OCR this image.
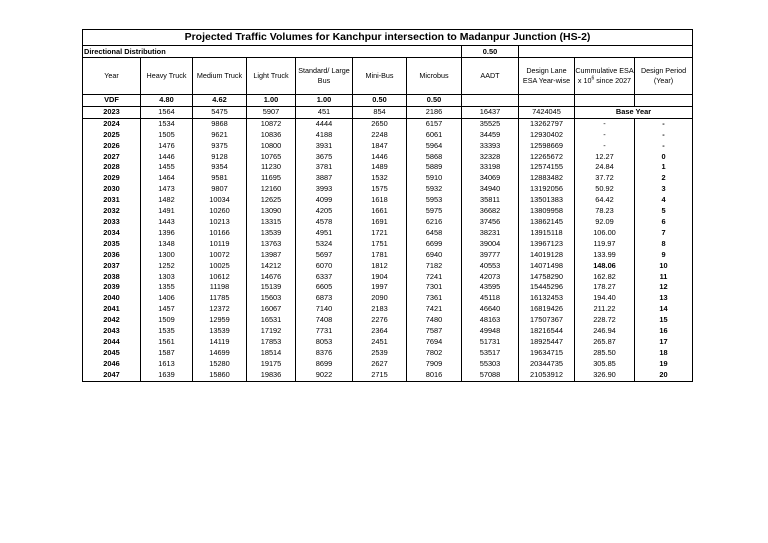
Projected Traffic Volumes for Kanchpur intersection to Madanpur Junction (HS-2)										
Directional Distribution							0.50			
Year	Heavy Truck	Medium Truck	Light Truck	Standard/ Large Bus	Mini-Bus	Microbus	AADT	Design Lane ESA Year-wise	Cummulative ESA x $10^6$ since 2027	Design Period (Year)
VDF	4.80	4.62	1.00	1.00	0.50	0.50				
2023	1564	5475	5907	451	854	2186	16437	7424045	Base Year	
2024	1534	9868	10872	4444	2650	6157	35525	13262797	-	-
2025	1505	9621	10836	4188	2248	6061	34459	12930402	-	-
2026	1476	9375	10800	3931	1847	5964	33393	12598669	-	-
2027	1446	9128	10765	3675	1446	5868	32328	12265672	12.27	0
2028	1455	9354	11230	3781	1489	5889	33198	12574155	24.84	1
2029	1464	9581	11695	3887	1532	5910	34069	12883482	37.72	2
2030	1473	9807	12160	3993	1575	5932	34940	13192056	50.92	3
2031	1482	10034	12625	4099	1618	5953	35811	13501383	64.42	4
2032	1491	10260	13090	4205	1661	5975	36682	13809958	78.23	5
2033	1443	10213	13315	4578	1691	6216	37456	13862145	92.09	6
2034	1396	10166	13539	4951	1721	6458	38231	13915118	106.00	7
2035	1348	10119	13763	5324	1751	6699	39004	13967123	119.97	8
2036	1300	10072	13987	5697	1781	6940	39777	14019128	133.99	9
2037	1252	10025	14212	6070	1812	7182	40553	14071498	148.06	10
2038	1303	10612	14676	6337	1904	7241	42073	14758290	162.82	11
2039	1355	11198	15139	6605	1997	7301	43595	15445296	178.27	12
2040	1406	11785	15603	6873	2090	7361	45118	16132453	194.40	13
2041	1457	12372	16067	7140	2183	7421	46640	16819426	211.22	14
2042	1509	12959	16531	7408	2276	7480	48163	17507367	228.72	15
2043	1535	13539	17192	7731	2364	7587	49948	18216544	246.94	16
2044	1561	14119	17853	8053	2451	7694	51731	18925447	265.87	17
2045	1587	14699	18514	8376	2539	7802	53517	19634715	285.50	18
2046	1613	15280	19175	8699	2627	7909	55303	20344735	305.85	19
2047	1639	15860	19836	9022	2715	8016	57088	21053912	326.90	20
